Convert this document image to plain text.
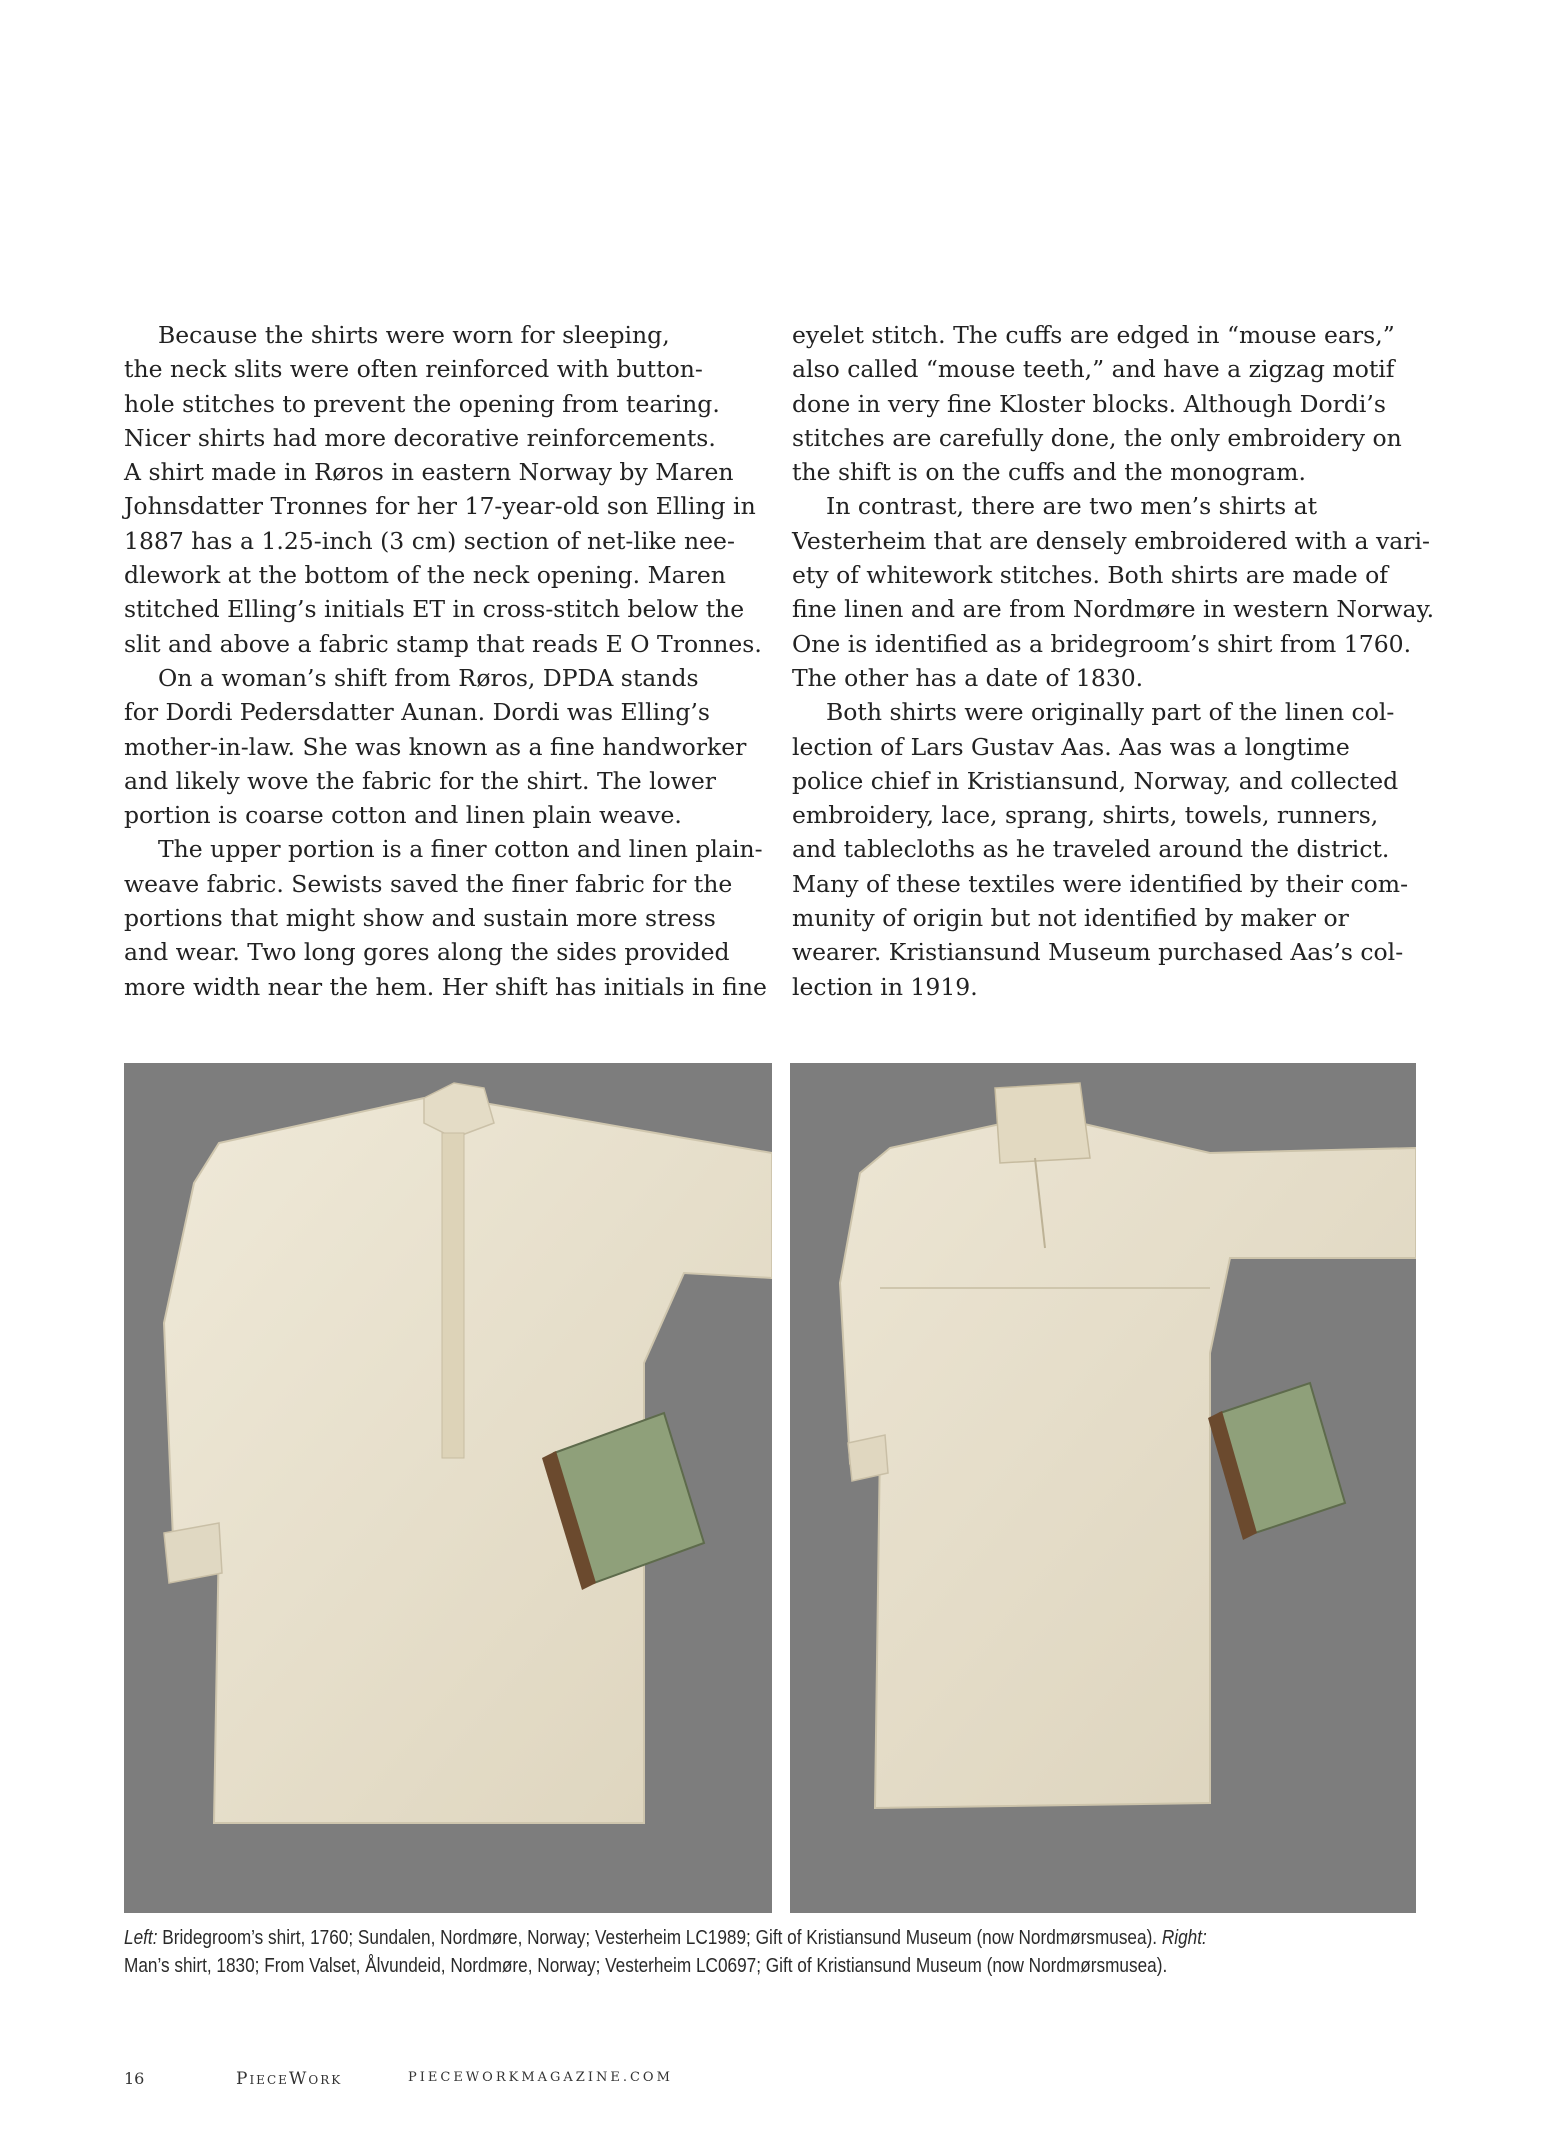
Because the shirts were worn for sleeping,
the neck slits were often reinforced with button-
hole stitches to prevent the opening from tearing.
Nicer shirts had more decorative reinforcements.
A shirt made in Røros in eastern Norway by Maren
Johnsdatter Tronnes for her 17-year-old son Elling in
1887 has a 1.25-inch (3 cm) section of net-like nee-
dlework at the bottom of the neck opening. Maren
stitched Elling’s initials ET in cross-stitch below the
slit and above a fabric stamp that reads E O Tronnes.

On a woman’s shift from Røros, DPDA stands
for Dordi Pedersdatter Aunan. Dordi was Elling’s
mother-in-law. She was known as a fine handworker
and likely wove the fabric for the shirt. The lower
portion is coarse cotton and linen plain weave.

The upper portion is a finer cotton and linen plain-
weave fabric. Sewists saved the finer fabric for the
portions that might show and sustain more stress
and wear. Two long gores along the sides provided
more width near the hem. Her shift has initials in fine

eyelet stitch. The cuffs are edged in “mouse ears,”
also called “mouse teeth,” and have a zigzag motif
done in very fine Kloster blocks. Although Dordi’s
stitches are carefully done, the only embroidery on
the shift is on the cuffs and the monogram.

In contrast, there are two men’s shirts at
Vesterheim that are densely embroidered with a vari-
ety of whitework stitches. Both shirts are made of
fine linen and are from Nordmøre in western Norway.
One is identified as a bridegroom’s shirt from 1760.
The other has a date of 1830.

Both shirts were originally part of the linen col-
lection of Lars Gustav Aas. Aas was a longtime
police chief in Kristiansund, Norway, and collected
embroidery, lace, sprang, shirts, towels, runners,
and tablecloths as he traveled around the district.
Many of these textiles were identified by their com-
munity of origin but not identified by maker or
wearer. Kristiansund Museum purchased Aas’s col-
lection in 1919.

Left: Bridegroom’s shirt, 1760; Sundalen, Nordmøre, Norway; Vesterheim LC1989; Gift of Kristiansund Museum (now Nordmørsmusea). Right:
Man’s shirt, 1830; From Valset, Ålvundeid, Nordmøre, Norway; Vesterheim LC0697; Gift of Kristiansund Museum (now Nordmørsmusea).
16	PieceWork	PIECEWORKMAGAZINE.COM
